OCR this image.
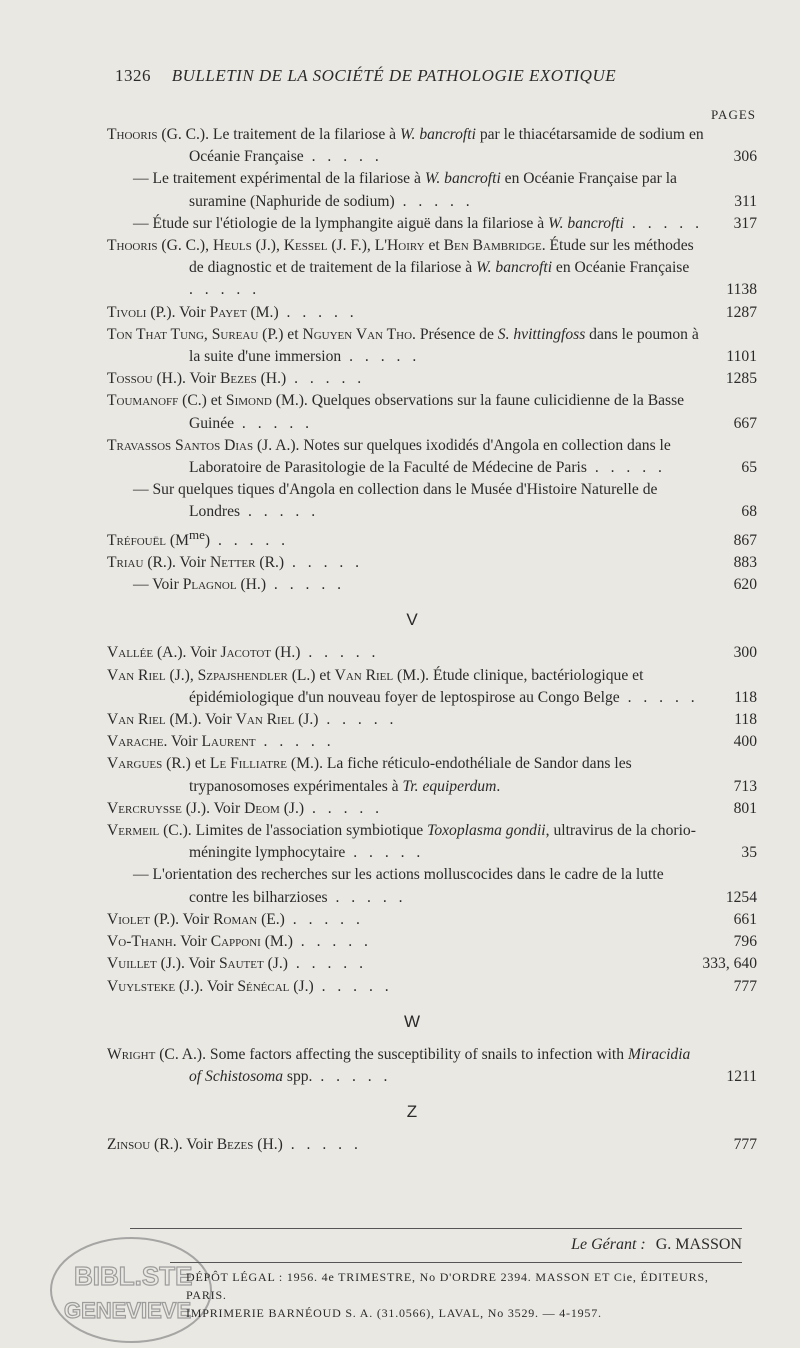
1326 BULLETIN DE LA SOCIÉTÉ DE PATHOLOGIE EXOTIQUE
PAGES
Thooris (G. C.). Le traitement de la filariose à W. bancrofti par le thiacétarsamide de sodium en Océanie Française . . . . .	306
— Le traitement expérimental de la filariose à W. bancrofti en Océanie Française par la suramine (Naphuride de sodium) . . . . .	311
— Étude sur l'étiologie de la lymphangite aiguë dans la filariose à W. bancrofti . . . . . 317
Thooris (G. C.), Heuls (J.), Kessel (J. F.), L'Hoiry et Ben Bambridge. Étude sur les méthodes de diagnostic et de traitement de la filariose à W. bancrofti en Océanie Française . . . . .	1138
Tivoli (P.). Voir Payet (M.) . . . . .	1287
Ton That Tung, Sureau (P.) et Nguyen Van Tho. Présence de S. hvittingfoss dans le poumon à la suite d'une immersion . . . . .	1101
Tossou (H.). Voir Bezes (H.) . . . . .	1285
Toumanoff (C.) et Simond (M.). Quelques observations sur la faune culicidienne de la Basse Guinée . . . . .	667
Travassos Santos Dias (J. A.). Notes sur quelques ixodidés d'Angola en collection dans le Laboratoire de Parasitologie de la Faculté de Médecine de Paris . . . . .	65
— Sur quelques tiques d'Angola en collection dans le Musée d'Histoire Naturelle de Londres . . . . .	68
Tréfouël $(M^{me})$ . . . . .	867
Triau (R.). Voir Netter (R.) . . . . .	883
— Voir Plagnol (H.) . . . . .	620
V
Vallée (A.). Voir Jacotot (H.) . . . . .	300
Van Riel (J.), Szpajshendler (L.) et Van Riel (M.). Étude clinique, bactériologique et épidémiologique d'un nouveau foyer de leptospirose au Congo Belge . . . . . 118
Van Riel (M.). Voir Van Riel (J.) . . . . .	118
Varache. Voir Laurent . . . . .	400
Vargues (R.) et Le Filliatre (M.). La fiche réticulo-endothéliale de Sandor dans les trypanosomoses expérimentales à Tr. equiperdum.	713
Vercruysse (J.). Voir Deom (J.) . . . . .	801
Vermeil (C.). Limites de l'association symbiotique Toxoplasma gondii, ultravirus de la chorio-méningite lymphocytaire . . . . .	35
— L'orientation des recherches sur les actions molluscocides dans le cadre de la lutte contre les bilharzioses . . . . .	1254
Violet (P.). Voir Roman (E.) . . . . .	661
Vo-Thanh. Voir Capponi (M.) . . . . .	796
Vuillet (J.). Voir Sautet (J.) . . . . .	333, 640
Vuylsteke (J.). Voir Sénécal (J.) . . . . .	777
W
Wright (C. A.). Some factors affecting the susceptibility of snails to infection with Miracidia of Schistosoma spp. . . . . .	1211
Z
Zinsou (R.). Voir Bezes (H.) . . . . .	777
BIBL.STE
GENEVIEVE
Le Gérant : G. MASSON
DÉPÔT LÉGAL : 1956. 4e TRIMESTRE, No D'ORDRE 2394. MASSON ET Cie, ÉDITEURS, PARIS.
IMPRIMERIE BARNÉOUD S. A. (31.0566), LAVAL, No 3529. — 4-1957.
